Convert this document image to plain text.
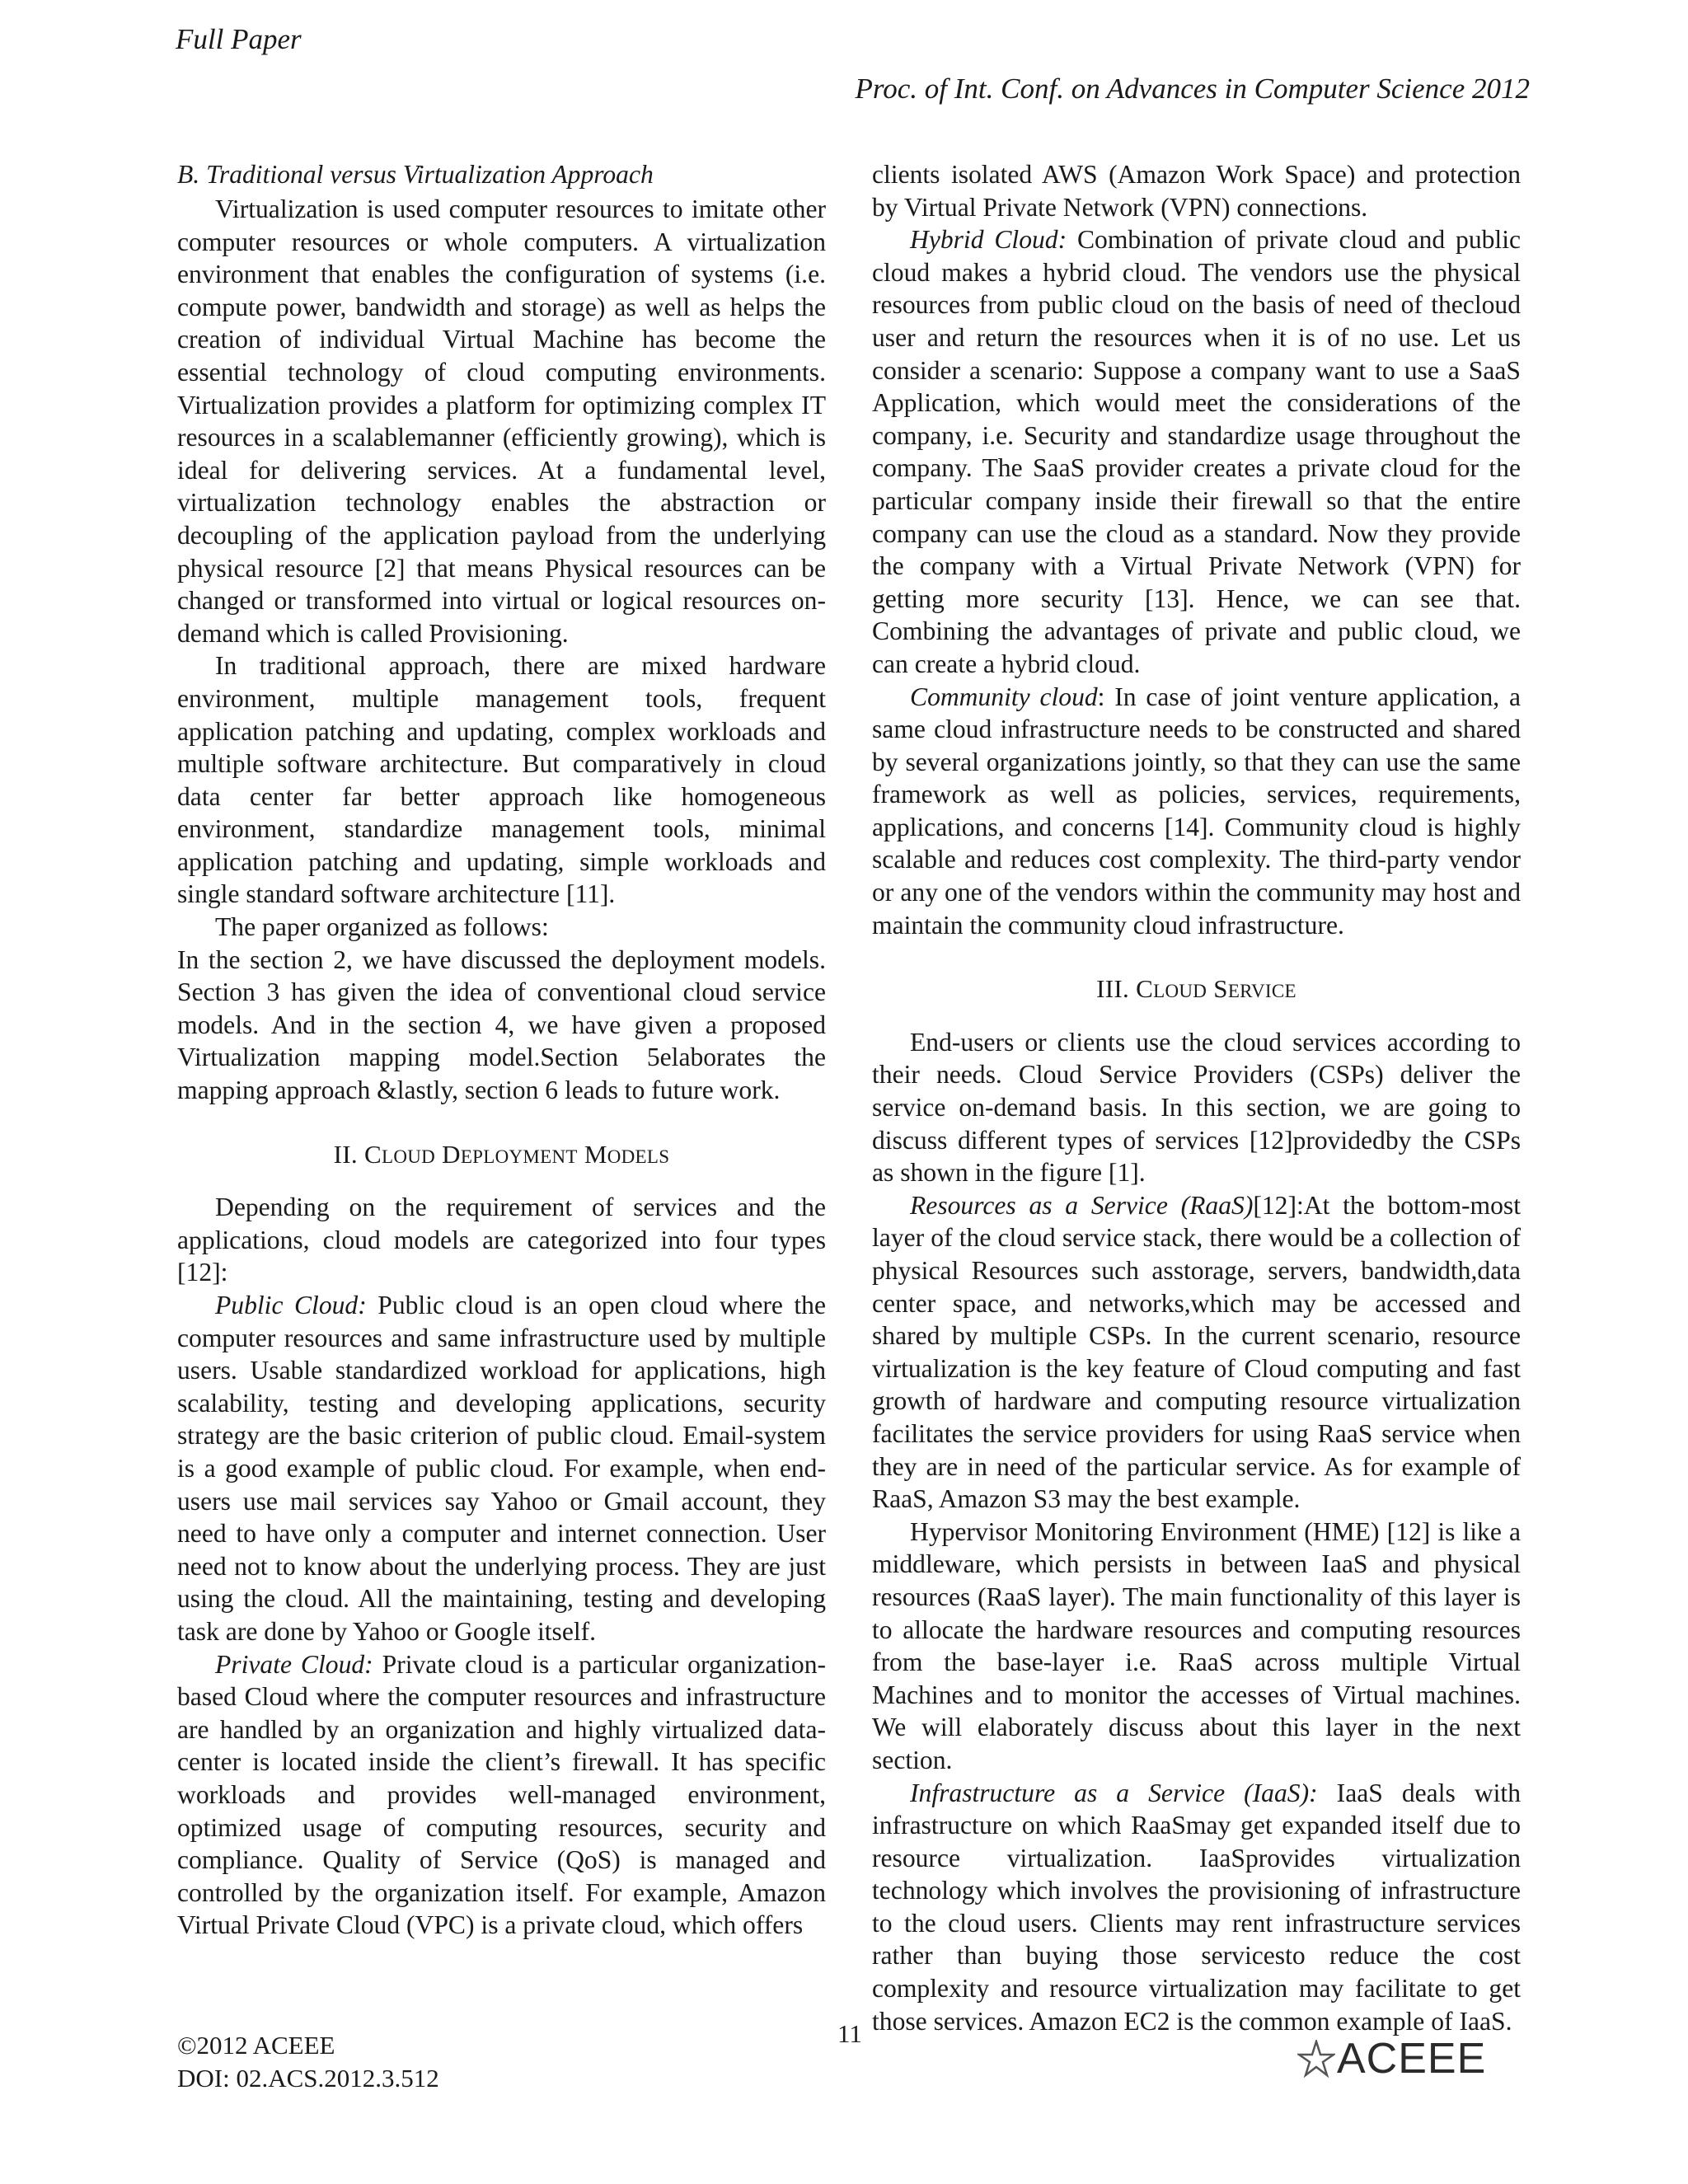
Full Paper
Proc. of Int. Conf. on Advances in Computer Science 2012
B. Traditional versus Virtualization Approach

Virtualization is used computer resources to imitate other computer resources or whole computers. A virtualization environment that enables the configuration of systems (i.e. compute power, bandwidth and storage) as well as helps the creation of individual Virtual Machine has become the essential technology of cloud computing environments. Virtualization provides a platform for optimizing complex IT resources in a scalablemanner (efficiently growing), which is ideal for delivering services. At a fundamental level, virtualization technology enables the abstraction or decoupling of the application payload from the underlying physical resource [2] that means Physical resources can be changed or transformed into virtual or logical resources on-demand which is called Provisioning.

In traditional approach, there are mixed hardware environment, multiple management tools, frequent application patching and updating, complex workloads and multiple software architecture. But comparatively in cloud data center far better approach like homogeneous environment, standardize management tools, minimal application patching and updating, simple workloads and single standard software architecture [11].

The paper organized as follows:

In the section 2, we have discussed the deployment models. Section 3 has given the idea of conventional cloud service models. And in the section 4, we have given a proposed Virtualization mapping model.Section 5elaborates the mapping approach &lastly, section 6 leads to future work.

II. CLOUD DEPLOYMENT MODELS

Depending on the requirement of services and the applications, cloud models are categorized into four types [12]:

Public Cloud: Public cloud is an open cloud where the computer resources and same infrastructure used by multiple users. Usable standardized workload for applications, high scalability, testing and developing applications, security strategy are the basic criterion of public cloud. Email-system is a good example of public cloud. For example, when end-users use mail services say Yahoo or Gmail account, they need to have only a computer and internet connection. User need not to know about the underlying process. They are just using the cloud. All the maintaining, testing and developing task are done by Yahoo or Google itself.

Private Cloud: Private cloud is a particular organization-based Cloud where the computer resources and infrastructure are handled by an organization and highly virtualized data-center is located inside the client’s firewall. It has specific workloads and provides well-managed environment, optimized usage of computing resources, security and compliance. Quality of Service (QoS) is managed and controlled by the organization itself. For example, Amazon Virtual Private Cloud (VPC) is a private cloud, which offers

clients isolated AWS (Amazon Work Space) and protection by Virtual Private Network (VPN) connections.

Hybrid Cloud: Combination of private cloud and public cloud makes a hybrid cloud. The vendors use the physical resources from public cloud on the basis of need of thecloud user and return the resources when it is of no use. Let us consider a scenario: Suppose a company want to use a SaaS Application, which would meet the considerations of the company, i.e. Security and standardize usage throughout the company. The SaaS provider creates a private cloud for the particular company inside their firewall so that the entire company can use the cloud as a standard. Now they provide the company with a Virtual Private Network (VPN) for getting more security [13]. Hence, we can see that. Combining the advantages of private and public cloud, we can create a hybrid cloud.

Community cloud: In case of joint venture application, a same cloud infrastructure needs to be constructed and shared by several organizations jointly, so that they can use the same framework as well as policies, services, requirements, applications, and concerns [14]. Community cloud is highly scalable and reduces cost complexity. The third-party vendor or any one of the vendors within the community may host and maintain the community cloud infrastructure.

III. CLOUD SERVICE

End-users or clients use the cloud services according to their needs. Cloud Service Providers (CSPs) deliver the service on-demand basis. In this section, we are going to discuss different types of services [12]providedby the CSPs as shown in the figure [1].

Resources as a Service (RaaS)[12]:At the bottom-most layer of the cloud service stack, there would be a collection of physical Resources such asstorage, servers, bandwidth,data center space, and networks,which may be accessed and shared by multiple CSPs. In the current scenario, resource virtualization is the key feature of Cloud computing and fast growth of hardware and computing resource virtualization facilitates the service providers for using RaaS service when they are in need of the particular service. As for example of RaaS, Amazon S3 may the best example.

Hypervisor Monitoring Environment (HME) [12] is like a middleware, which persists in between IaaS and physical resources (RaaS layer). The main functionality of this layer is to allocate the hardware resources and computing resources from the base-layer i.e. RaaS across multiple Virtual Machines and to monitor the accesses of Virtual machines. We will elaborately discuss about this layer in the next section.

Infrastructure as a Service (IaaS): IaaS deals with infrastructure on which RaaSmay get expanded itself due to resource virtualization. IaaSprovides virtualization technology which involves the provisioning of infrastructure to the cloud users. Clients may rent infrastructure services rather than buying those servicesto reduce the cost complexity and resource virtualization may facilitate to get those services. Amazon EC2 is the common example of IaaS.

©2012 ACEEE
DOI: 02.ACS.2012.3.512
11
ACEEE
